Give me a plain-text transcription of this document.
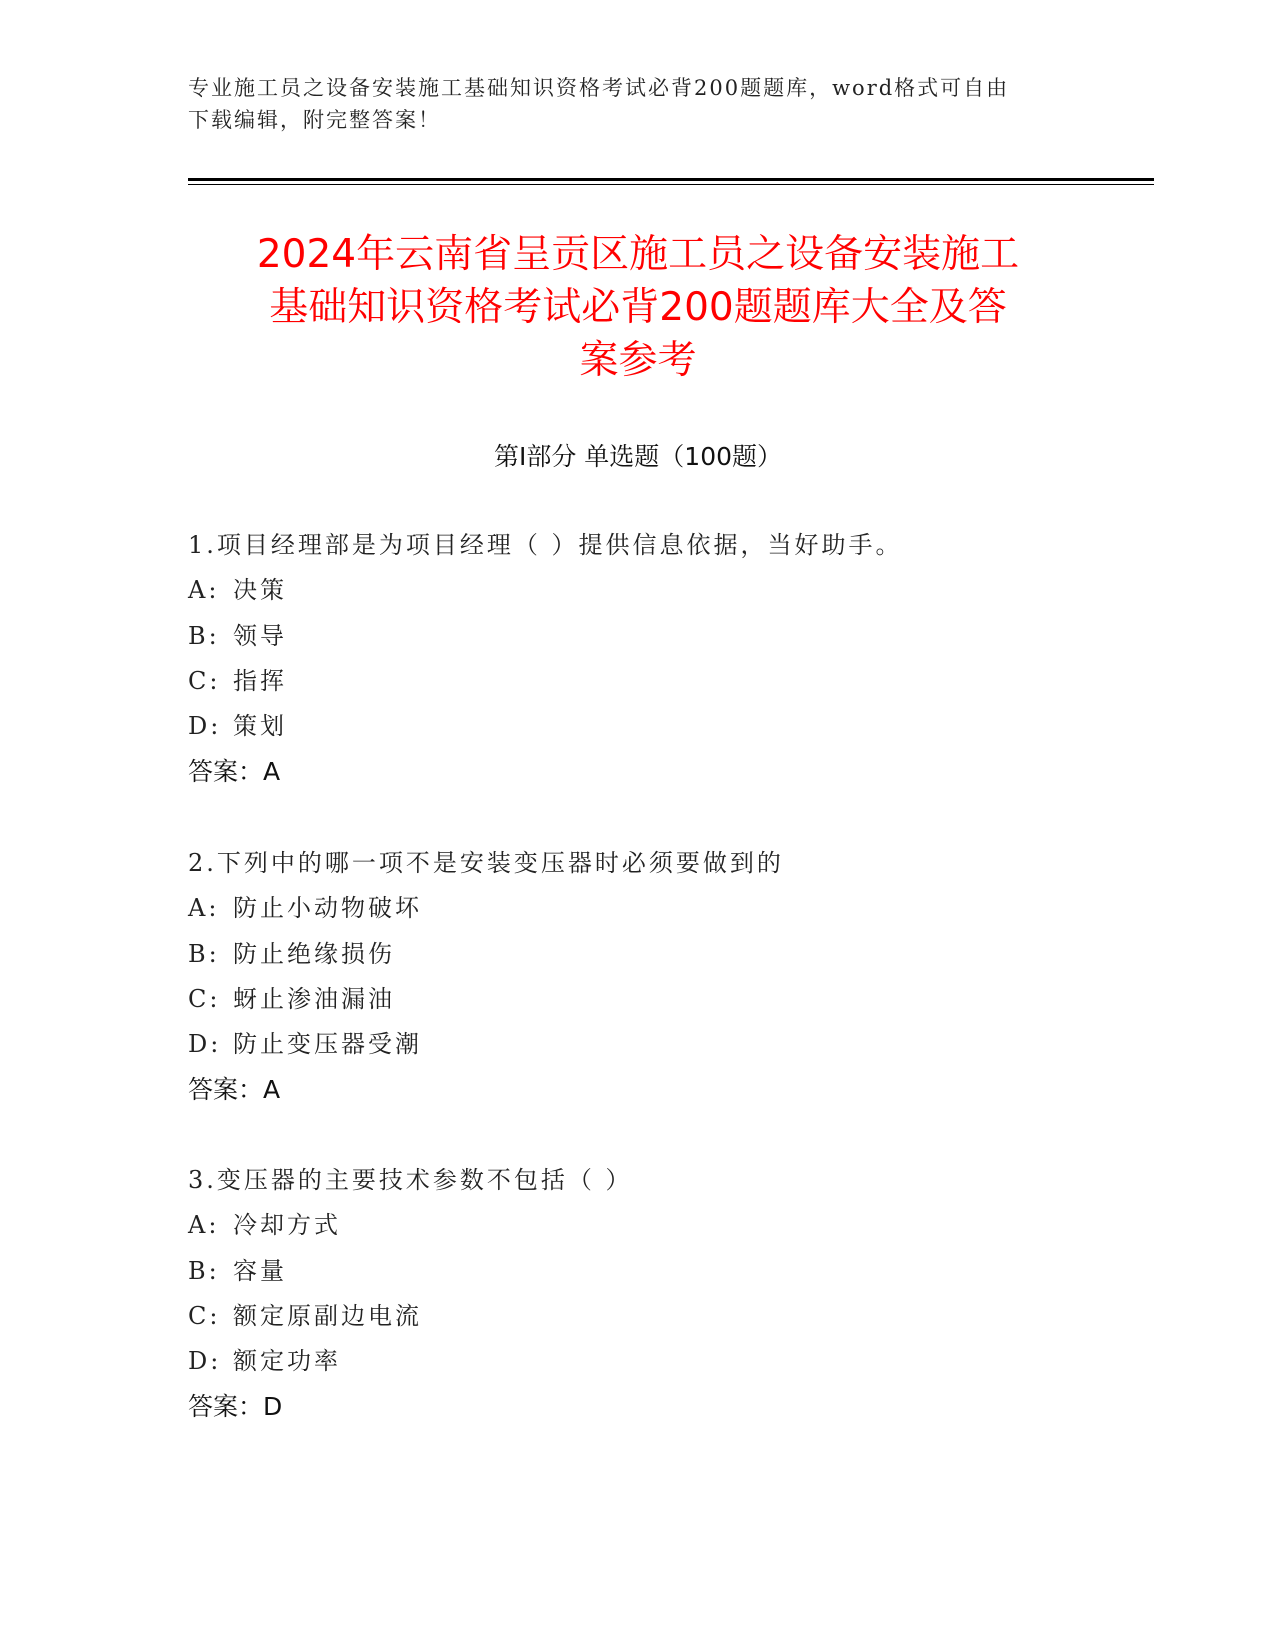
专业施工员之设备安装施工基础知识资格考试必背200题题库，word格式可自由
下载编辑，附完整答案！
2024年云南省呈贡区施工员之设备安装施工
基础知识资格考试必背200题题库大全及答
案参考
第Ⅰ部分 单选题（100题）
1.项目经理部是为项目经理（ ）提供信息依据，当好助手。
A: 决策
B: 领导
C: 指挥
D: 策划
答案：A
2.下列中的哪一项不是安装变压器时必须要做到的
A: 防止小动物破坏
B: 防止绝缘损伤
C: 蚜止渗油漏油
D: 防止变压器受潮
答案：A
3.变压器的主要技术参数不包括（ ）
A: 冷却方式
B: 容量
C: 额定原副边电流
D: 额定功率
答案：D
